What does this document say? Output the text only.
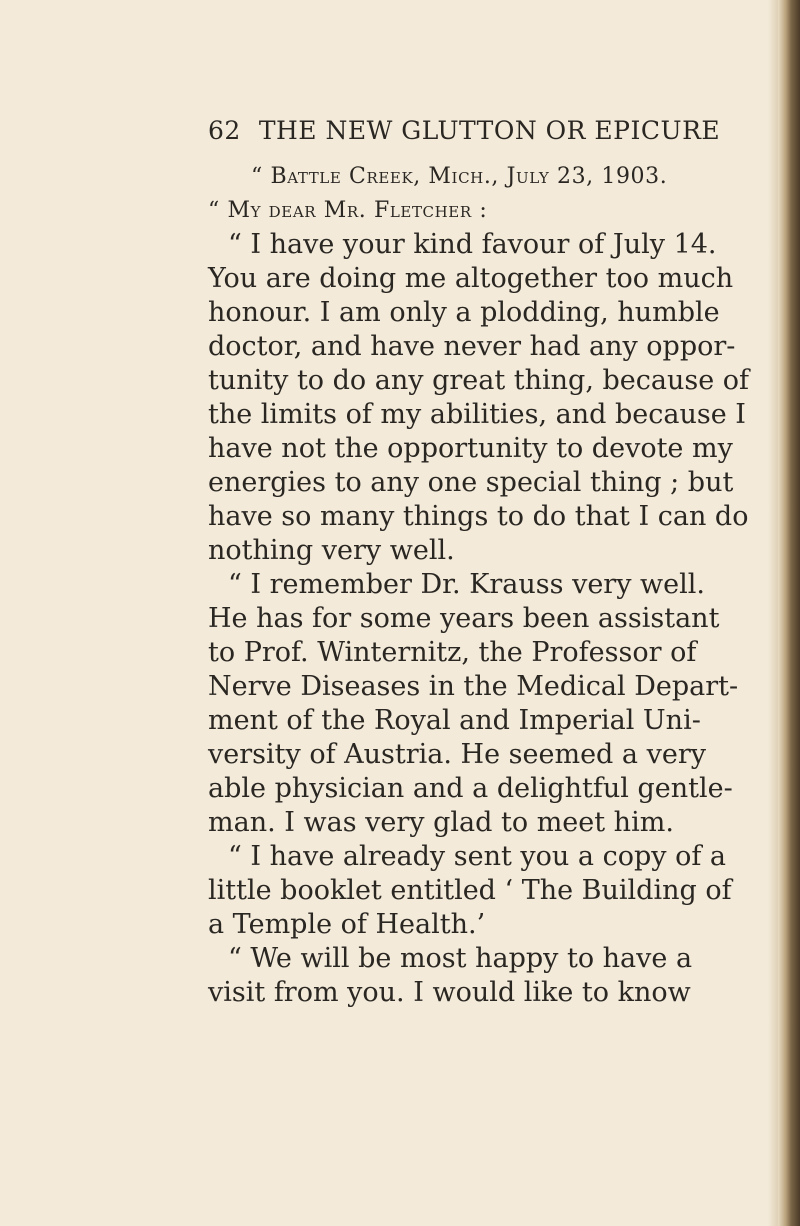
62 THE NEW GLUTTON OR EPICURE
“ Battle Creek, Mich., July 23, 1903.
“ My dear Mr. Fletcher :
“ I have your kind favour of July 14.
You are doing me altogether too much
honour. I am only a plodding, humble
doctor, and have never had any oppor-
tunity to do any great thing, because of
the limits of my abilities, and because I
have not the opportunity to devote my
energies to any one special thing ; but
have so many things to do that I can do
nothing very well.
“ I remember Dr. Krauss very well.
He has for some years been assistant
to Prof. Winternitz, the Professor of
Nerve Diseases in the Medical Depart-
ment of the Royal and Imperial Uni-
versity of Austria. He seemed a very
able physician and a delightful gentle-
man. I was very glad to meet him.
“ I have already sent you a copy of a
little booklet entitled ‘ The Building of
a Temple of Health.’
“ We will be most happy to have a
visit from you. I would like to know
